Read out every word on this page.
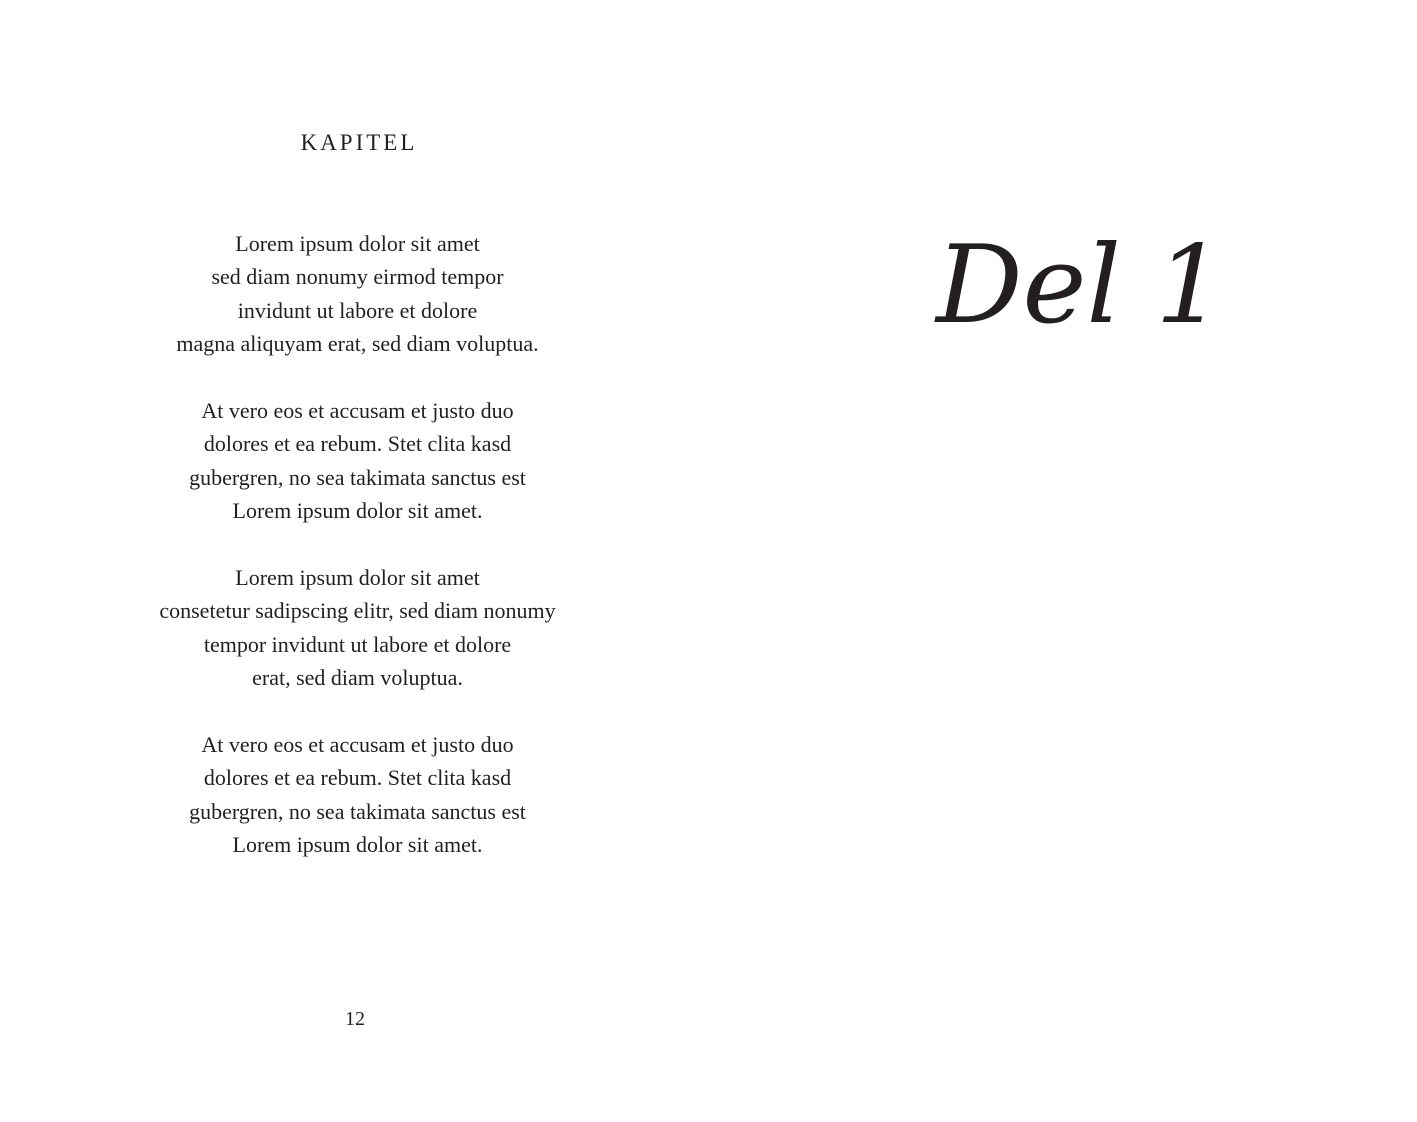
KAPITEL
Lorem ipsum dolor sit amet
sed diam nonumy eirmod tempor
invidunt ut labore et dolore
magna aliquyam erat, sed diam voluptua.
At vero eos et accusam et justo duo
dolores et ea rebum. Stet clita kasd
gubergren, no sea takimata sanctus est
Lorem ipsum dolor sit amet.
Lorem ipsum dolor sit amet
consetetur sadipscing elitr, sed diam nonumy
tempor invidunt ut labore et dolore
erat, sed diam voluptua.
At vero eos et accusam et justo duo
dolores et ea rebum. Stet clita kasd
gubergren, no sea takimata sanctus est
Lorem ipsum dolor sit amet.
12
Del 1
